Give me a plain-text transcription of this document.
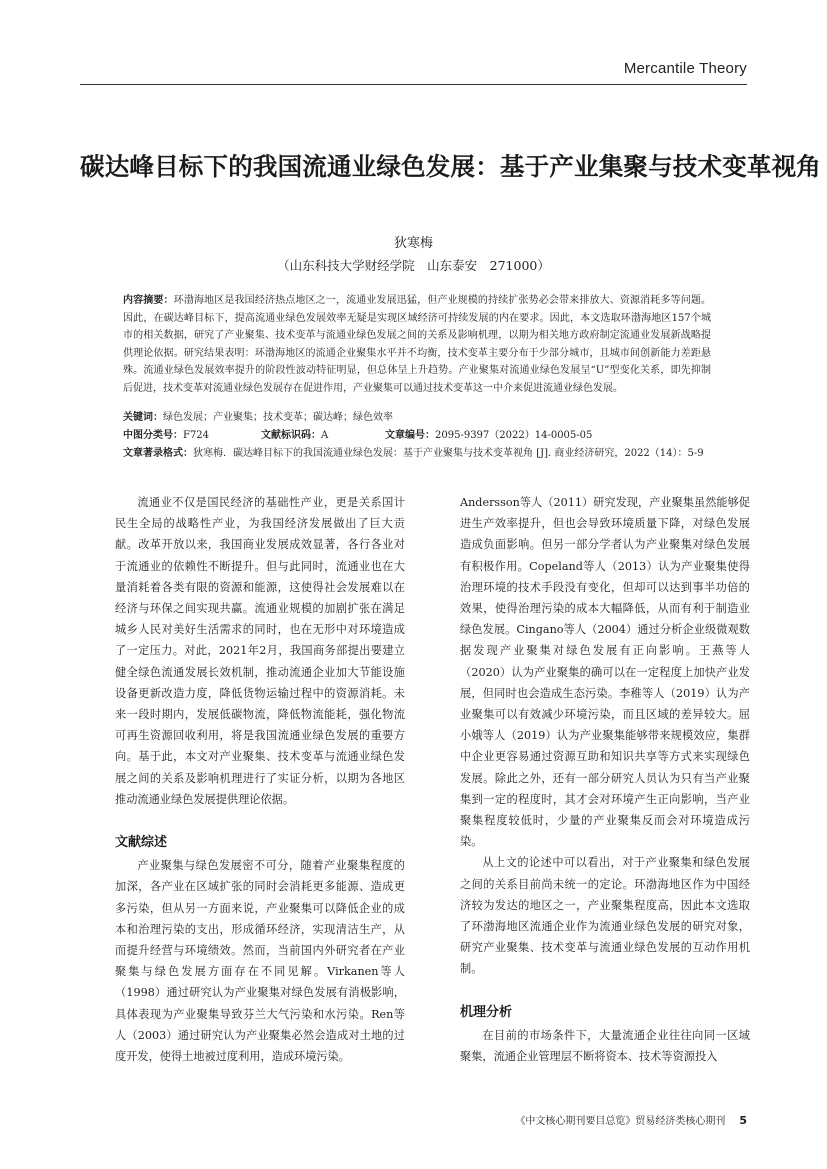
Mercantile Theory
碳达峰目标下的我国流通业绿色发展：基于产业集聚与技术变革视角
狄寒梅
（山东科技大学财经学院　山东泰安　271000）
内容摘要：环渤海地区是我国经济热点地区之一，流通业发展迅猛，但产业规模的持续扩张势必会带来排放大、资源消耗多等问题。因此，在碳达峰目标下，提高流通业绿色发展效率无疑是实现区域经济可持续发展的内在要求。因此，本文选取环渤海地区157个城市的相关数据，研究了产业聚集、技术变革与流通业绿色发展之间的关系及影响机理，以期为相关地方政府制定流通业发展新战略提供理论依据。研究结果表明：环渤海地区的流通企业聚集水平并不均衡，技术变革主要分布于少部分城市，且城市间创新能力差距悬殊。流通业绿色发展效率提升的阶段性波动特征明显，但总体呈上升趋势。产业聚集对流通业绿色发展呈“U”型变化关系，即先抑制后促进，技术变革对流通业绿色发展存在促进作用，产业聚集可以通过技术变革这一中介来促进流通业绿色发展。
关键词：绿色发展；产业聚集；技术变革；碳达峰；绿色效率
中图分类号：F724	文献标识码：A	文章编号：2095-9397（2022）14-0005-05
文章著录格式：狄寒梅．碳达峰目标下的我国流通业绿色发展：基于产业聚集与技术变革视角 [J]. 商业经济研究，2022（14）：5-9

流通业不仅是国民经济的基础性产业，更是关系国计民生全局的战略性产业，为我国经济发展做出了巨大贡献。改革开放以来，我国商业发展成效显著，各行各业对于流通业的依赖性不断提升。但与此同时，流通业也在大量消耗着各类有限的资源和能源，这使得社会发展难以在经济与环保之间实现共赢。流通业规模的加剧扩张在满足城乡人民对美好生活需求的同时，也在无形中对环境造成了一定压力。对此，2021年2月，我国商务部提出要建立健全绿色流通发展长效机制，推动流通企业加大节能设施设备更新改造力度，降低货物运输过程中的资源消耗。未来一段时期内，发展低碳物流，降低物流能耗，强化物流可再生资源回收利用，将是我国流通业绿色发展的重要方向。基于此，本文对产业聚集、技术变革与流通业绿色发展之间的关系及影响机理进行了实证分析，以期为各地区推动流通业绿色发展提供理论依据。

文献综述

产业聚集与绿色发展密不可分，随着产业聚集程度的加深，各产业在区域扩张的同时会消耗更多能源、造成更多污染，但从另一方面来说，产业聚集可以降低企业的成本和治理污染的支出，形成循环经济，实现清洁生产，从而提升经营与环境绩效。然而，当前国内外研究者在产业聚集与绿色发展方面存在不同见解。Virkanen等人（1998）通过研究认为产业聚集对绿色发展有消极影响，具体表现为产业聚集导致芬兰大气污染和水污染。Ren等人（2003）通过研究认为产业聚集必然会造成对土地的过度开发，使得土地被过度利用，造成环境污染。

Andersson等人（2011）研究发现，产业聚集虽然能够促进生产效率提升，但也会导致环境质量下降，对绿色发展造成负面影响。但另一部分学者认为产业聚集对绿色发展有积极作用。Copeland等人（2013）认为产业聚集使得治理环境的技术手段没有变化，但却可以达到事半功倍的效果，使得治理污染的成本大幅降低，从而有利于制造业绿色发展。Cingano等人（2004）通过分析企业级微观数据发现产业聚集对绿色发展有正向影响。王燕等人（2020）认为产业聚集的确可以在一定程度上加快产业发展，但同时也会造成生态污染。李稚等人（2019）认为产业聚集可以有效减少环境污染，而且区域的差异较大。屈小娥等人（2019）认为产业聚集能够带来规模效应，集群中企业更容易通过资源互助和知识共享等方式来实现绿色发展。除此之外，还有一部分研究人员认为只有当产业聚集到一定的程度时，其才会对环境产生正向影响，当产业聚集程度较低时，少量的产业聚集反而会对环境造成污染。

从上文的论述中可以看出，对于产业聚集和绿色发展之间的关系目前尚未统一的定论。环渤海地区作为中国经济较为发达的地区之一，产业聚集程度高，因此本文选取了环渤海地区流通企业作为流通业绿色发展的研究对象，研究产业聚集、技术变革与流通业绿色发展的互动作用机制。

机理分析

在目前的市场条件下，大量流通企业往往向同一区域聚集，流通企业管理层不断将资本、技术等资源投入

《中文核心期刊要目总览》贸易经济类核心期刊 5
